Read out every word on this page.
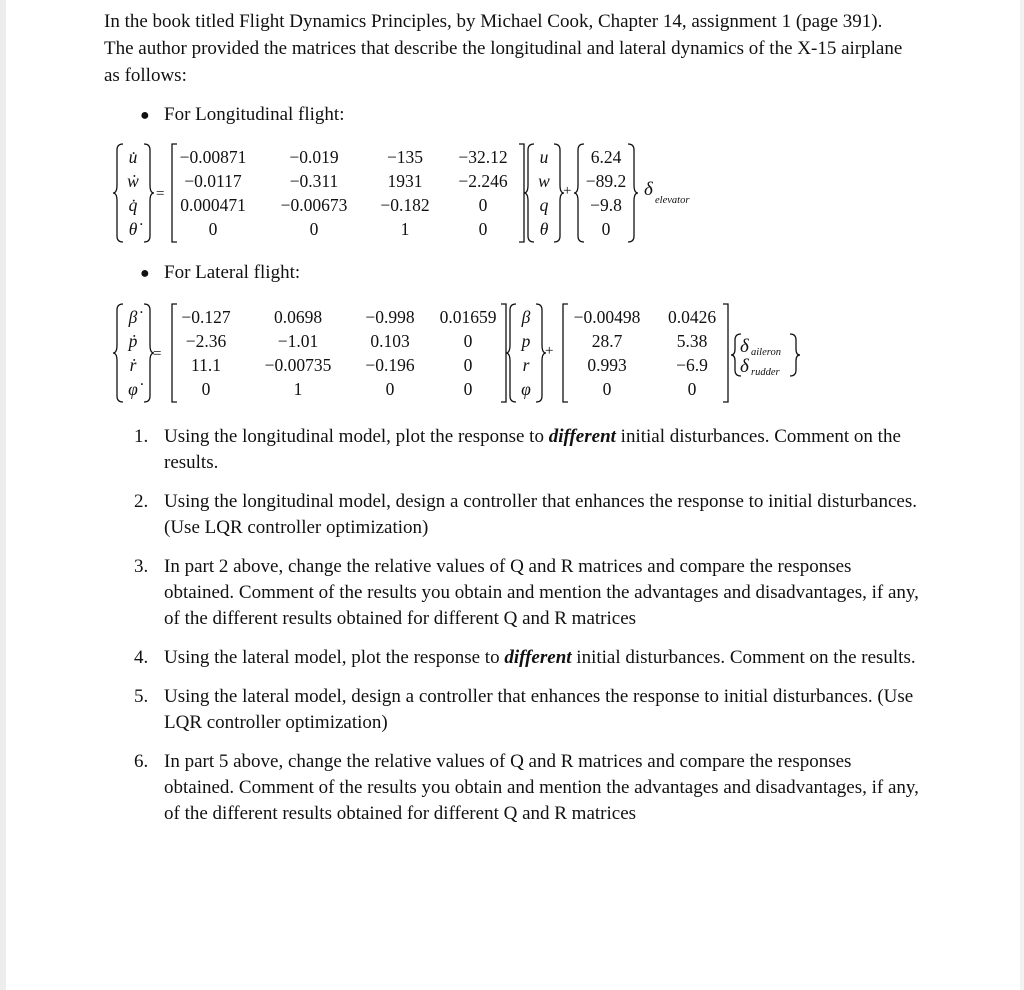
In the book titled Flight Dynamics Principles, by Michael Cook, Chapter 14, assignment 1 (page 391). The author provided the matrices that describe the longitudinal and lateral dynamics of the X-15 airplane as follows:

● For Longitudinal flight:
u̇
ẇ
q̇
θ̇
=
−0.00871 −0.019	−135 −32.12
−0.0117	−0.311	1931 −2.246
0.000471 −0.00673 −0.182	0
0	0	1	0
u
w
q
θ
+
6.24
−89.2
−9.8
0
δ
elevator
● For Lateral flight:
β̇
ṗ
ṙ
φ̇
=
−0.127 0.0698 −0.998 0.01659
−2.36	−1.01	0.103	0
11.1 −0.00735 −0.196	0
0	1	0	0
β
p
r
φ
+
−0.00498 0.0426
28.7	5.38
0.993	−6.9
0	0
δ aileron
δ rudder
1. Using the longitudinal model, plot the response to different initial disturbances. Comment on the results.
2. Using the longitudinal model, design a controller that enhances the response to initial disturbances. (Use LQR controller optimization)
3. In part 2 above, change the relative values of Q and R matrices and compare the responses obtained. Comment of the results you obtain and mention the advantages and disadvantages, if any, of the different results obtained for different Q and R matrices
4. Using the lateral model, plot the response to different initial disturbances. Comment on the results.
5. Using the lateral model, design a controller that enhances the response to initial disturbances. (Use LQR controller optimization)
6. In part 5 above, change the relative values of Q and R matrices and compare the responses obtained. Comment of the results you obtain and mention the advantages and disadvantages, if any, of the different results obtained for different Q and R matrices
